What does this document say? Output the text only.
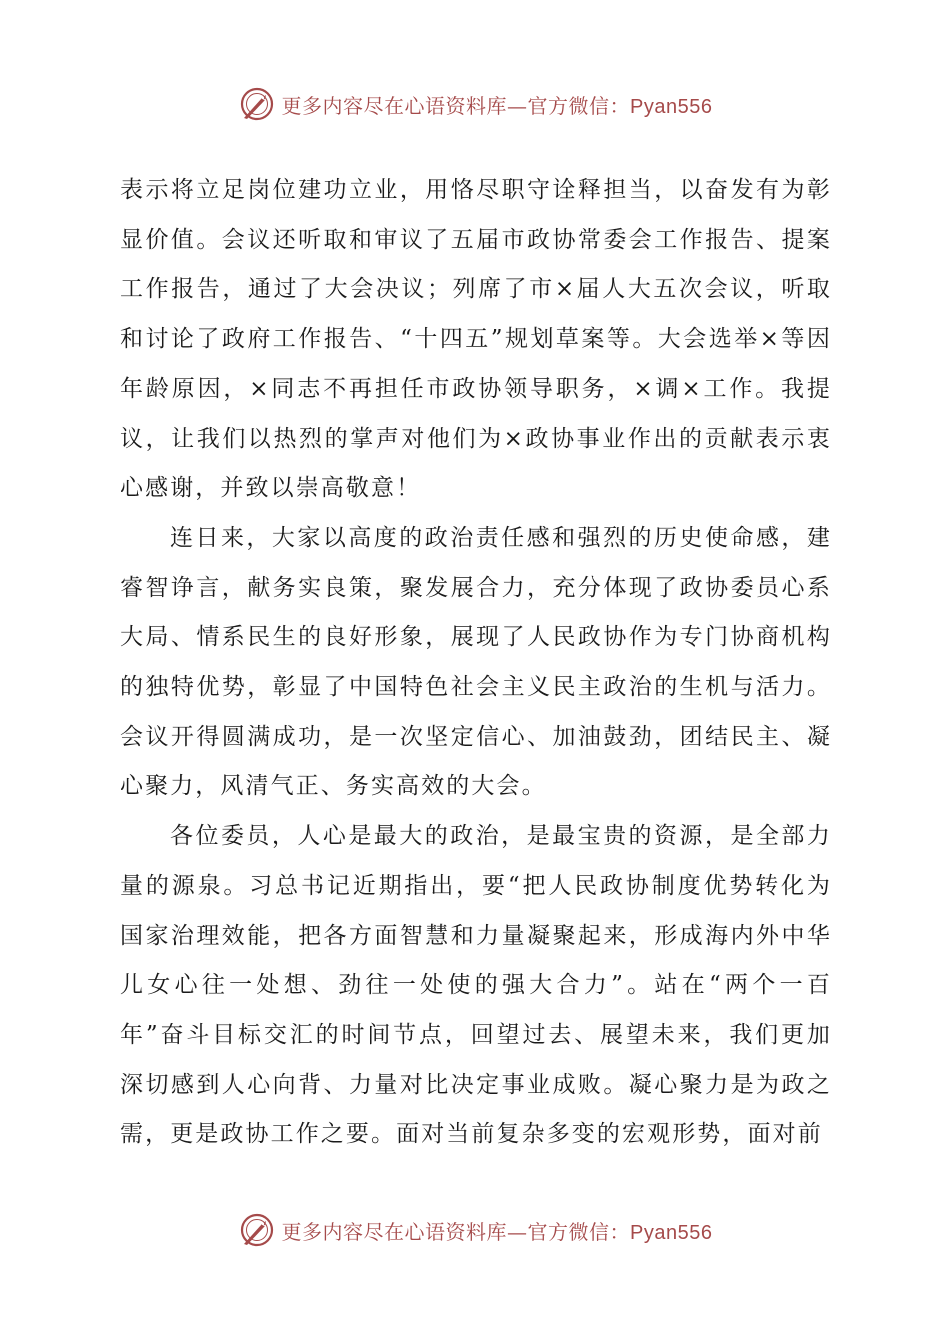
更多内容尽在心语资料库—官方微信：Pyan556

表示将立足岗位建功立业，用恪尽职守诠释担当，以奋发有为彰显价值。会议还听取和审议了五届市政协常委会工作报告、提案工作报告，通过了大会决议；列席了市×届人大五次会议，听取和讨论了政府工作报告、“十四五”规划草案等。大会选举×等因年龄原因，×同志不再担任市政协领导职务，×调×工作。我提议，让我们以热烈的掌声对他们为×政协事业作出的贡献表示衷心感谢，并致以崇高敬意！

连日来，大家以高度的政治责任感和强烈的历史使命感，建睿智诤言，献务实良策，聚发展合力，充分体现了政协委员心系大局、情系民生的良好形象，展现了人民政协作为专门协商机构的独特优势，彰显了中国特色社会主义民主政治的生机与活力。会议开得圆满成功，是一次坚定信心、加油鼓劲，团结民主、凝心聚力，风清气正、务实高效的大会。

各位委员，人心是最大的政治，是最宝贵的资源，是全部力量的源泉。习总书记近期指出，要“把人民政协制度优势转化为国家治理效能，把各方面智慧和力量凝聚起来，形成海内外中华儿女心往一处想、劲往一处使的强大合力”。站在“两个一百年”奋斗目标交汇的时间节点，回望过去、展望未来，我们更加深切感到人心向背、力量对比决定事业成败。凝心聚力是为政之需，更是政协工作之要。面对当前复杂多变的宏观形势，面对前

更多内容尽在心语资料库—官方微信：Pyan556
